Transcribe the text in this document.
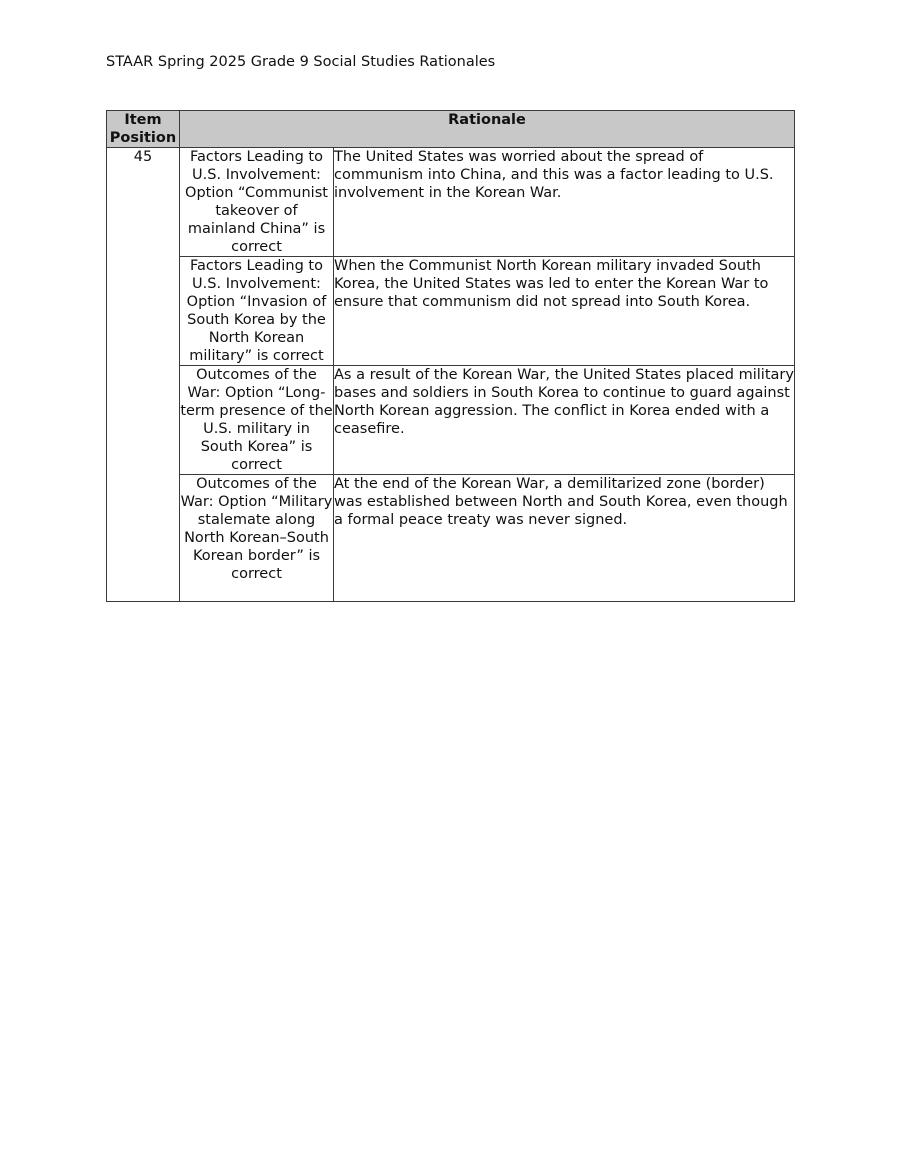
STAAR Spring 2025 Grade 9 Social Studies Rationales
Item Position	Rationale	
45	Factors Leading to U.S. Involvement: Option “Communist takeover of mainland China” is correct	The United States was worried about the spread of communism into China, and this was a factor leading to U.S. involvement in the Korean War.

	Factors Leading to U.S. Involvement: Option “Invasion of South Korea by the North Korean military” is correct	When the Communist North Korean military invaded South Korea, the United States was led to enter the Korean War to ensure that communism did not spread into South Korea.

	Outcomes of the War: Option “Long-term presence of the U.S. military in South Korea” is correct	As a result of the Korean War, the United States placed military bases and soldiers in South Korea to continue to guard against North Korean aggression. The conflict in Korea ended with a ceasefire.

	Outcomes of the War: Option “Military stalemate along North Korean–South Korean border” is correct	At the end of the Korean War, a demilitarized zone (border) was established between North and South Korea, even though a formal peace treaty was never signed.
